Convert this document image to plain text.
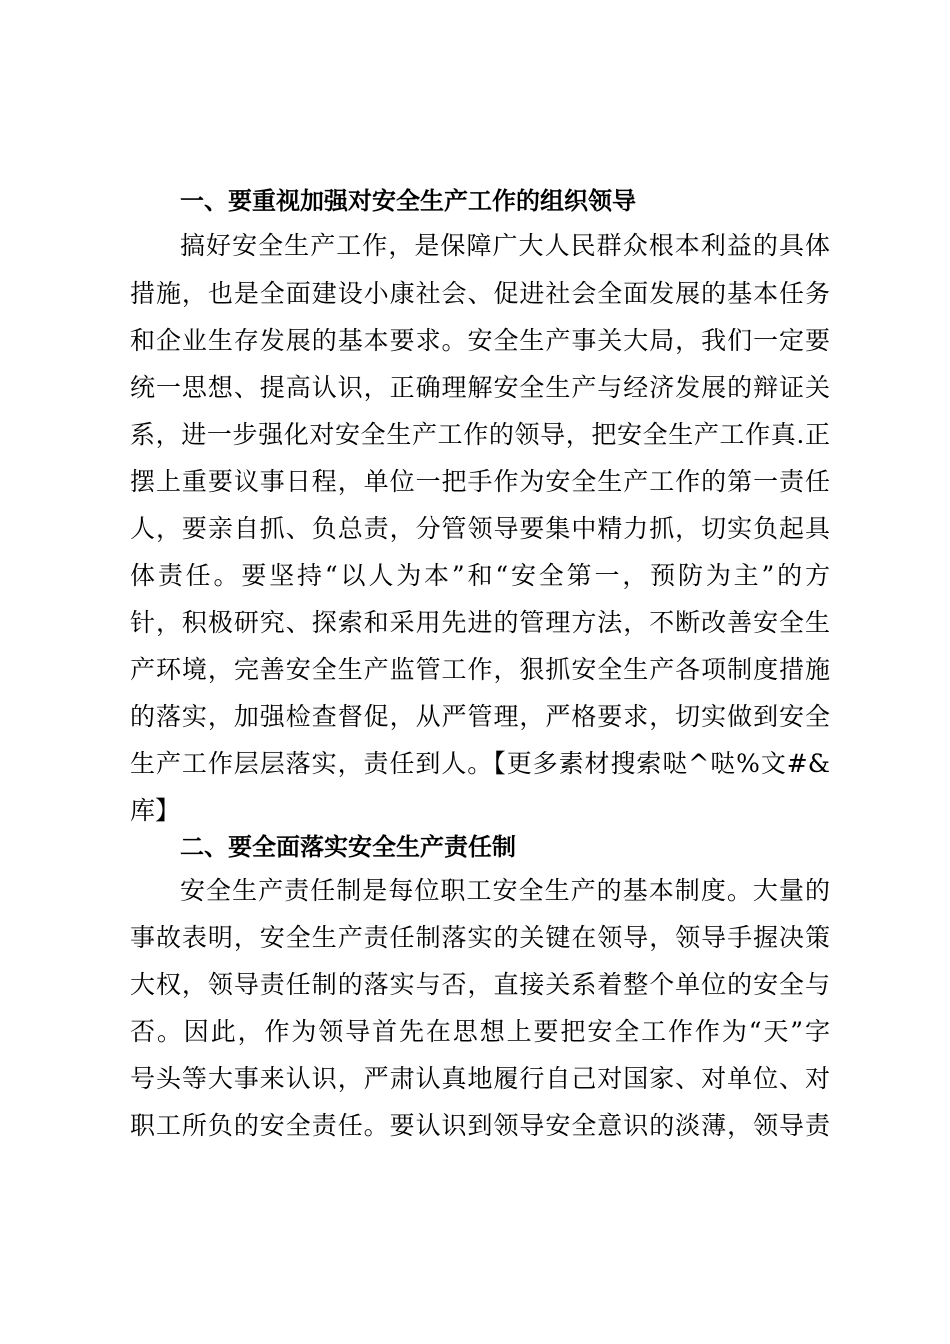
一、要重视加强对安全生产工作的组织领导
搞好安全生产工作，是保障广大人民群众根本利益的具体
措施，也是全面建设小康社会、促进社会全面发展的基本任务
和企业生存发展的基本要求。安全生产事关大局，我们一定要
统一思想、提高认识，正确理解安全生产与经济发展的辩证关
系，进一步强化对安全生产工作的领导，把安全生产工作真.正
摆上重要议事日程，单位一把手作为安全生产工作的第一责任
人，要亲自抓、负总责，分管领导要集中精力抓，切实负起具
体责任。要坚持“以人为本”和“安全第一，预防为主”的方
针，积极研究、探索和采用先进的管理方法，不断改善安全生
产环境，完善安全生产监管工作，狠抓安全生产各项制度措施
的落实，加强检查督促，从严管理，严格要求，切实做到安全
生产工作层层落实，责任到人。【更多素材搜索哒^哒%文#&
库】
二、要全面落实安全生产责任制
安全生产责任制是每位职工安全生产的基本制度。大量的
事故表明，安全生产责任制落实的关键在领导，领导手握决策
大权，领导责任制的落实与否，直接关系着整个单位的安全与
否。因此，作为领导首先在思想上要把安全工作作为“天”字
号头等大事来认识，严肃认真地履行自己对国家、对单位、对
职工所负的安全责任。要认识到领导安全意识的淡薄，领导责
